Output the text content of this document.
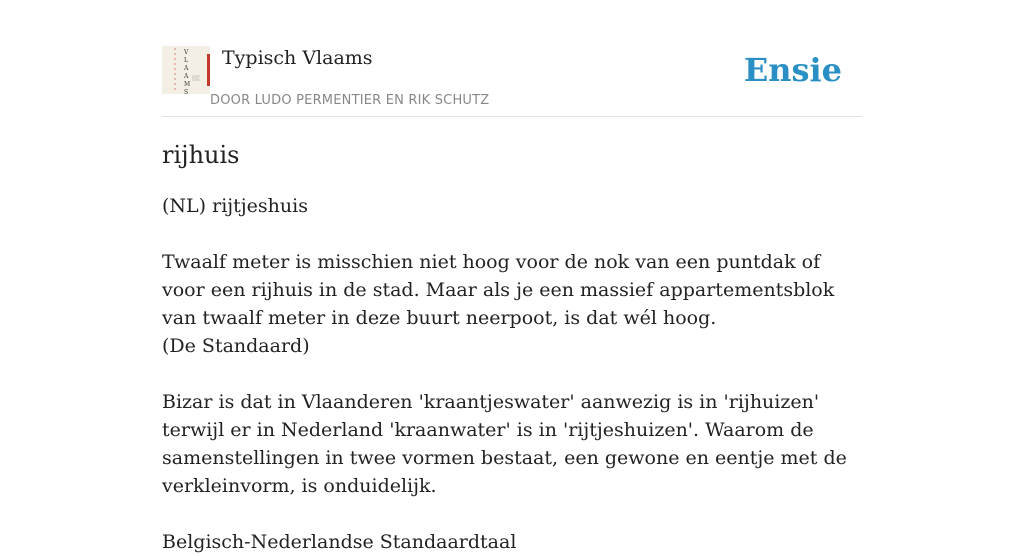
V
L
A
A
M
S
Typisch Vlaams
DOOR LUDO PERMENTIER EN RIK SCHUTZ
Ensie
rijhuis

(NL) rijtjeshuis

Twaalf meter is misschien niet hoog voor de nok van een puntdak of voor een rijhuis in de stad. Maar als je een massief appartementsblok van twaalf meter in deze buurt neerpoot, is dat wél hoog.

(De Standaard)

Bizar is dat in Vlaanderen 'kraantjeswater' aanwezig is in 'rijhuizen' terwijl er in Nederland 'kraanwater' is in 'rijtjeshuizen'. Waarom de samenstellingen in twee vormen bestaat, een gewone en eentje met de verkleinvorm, is onduidelijk.

Belgisch-Nederlandse Standaardtaal
